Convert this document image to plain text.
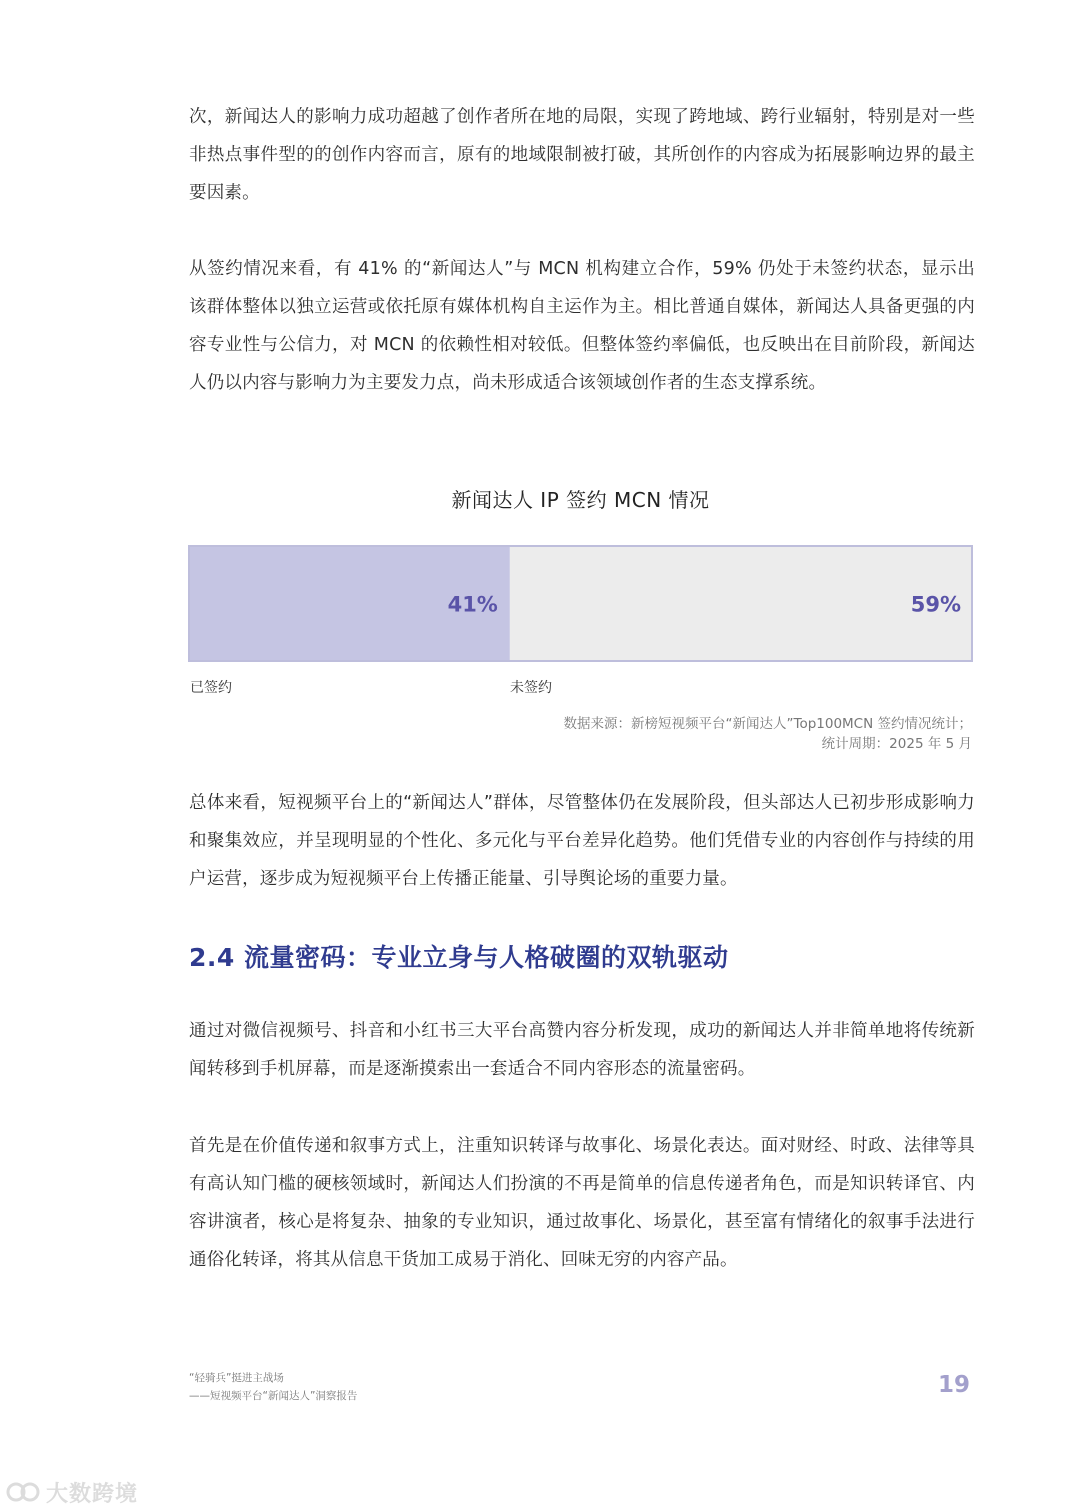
次，新闻达人的影响力成功超越了创作者所在地的局限，实现了跨地域、跨行业辐射，特别是对一些非热点事件型的的创作内容而言，原有的地域限制被打破，其所创作的内容成为拓展影响边界的最主要因素。

从签约情况来看，有 41% 的“新闻达人”与 MCN 机构建立合作，59% 仍处于未签约状态，显示出该群体整体以独立运营或依托原有媒体机构自主运作为主。相比普通自媒体，新闻达人具备更强的内容专业性与公信力，对 MCN 的依赖性相对较低。但整体签约率偏低，也反映出在目前阶段，新闻达人仍以内容与影响力为主要发力点，尚未形成适合该领域创作者的生态支撑系统。

新闻达人 IP 签约 MCN 情况
41%	59%
已签约	未签约
数据来源：新榜短视频平台“新闻达人”Top100MCN 签约情况统计；
统计周期：2025 年 5 月

总体来看，短视频平台上的“新闻达人”群体，尽管整体仍在发展阶段，但头部达人已初步形成影响力和聚集效应，并呈现明显的个性化、多元化与平台差异化趋势。他们凭借专业的内容创作与持续的用户运营，逐步成为短视频平台上传播正能量、引导舆论场的重要力量。

2.4 流量密码：专业立身与人格破圈的双轨驱动

通过对微信视频号、抖音和小红书三大平台高赞内容分析发现，成功的新闻达人并非简单地将传统新闻转移到手机屏幕，而是逐渐摸索出一套适合不同内容形态的流量密码。

首先是在价值传递和叙事方式上，注重知识转译与故事化、场景化表达。面对财经、时政、法律等具有高认知门槛的硬核领域时，新闻达人们扮演的不再是简单的信息传递者角色，而是知识转译官、内容讲演者，核心是将复杂、抽象的专业知识，通过故事化、场景化，甚至富有情绪化的叙事手法进行通俗化转译，将其从信息干货加工成易于消化、回味无穷的内容产品。

“轻骑兵”挺进主战场
——短视频平台“新闻达人”洞察报告	19
大数跨境
